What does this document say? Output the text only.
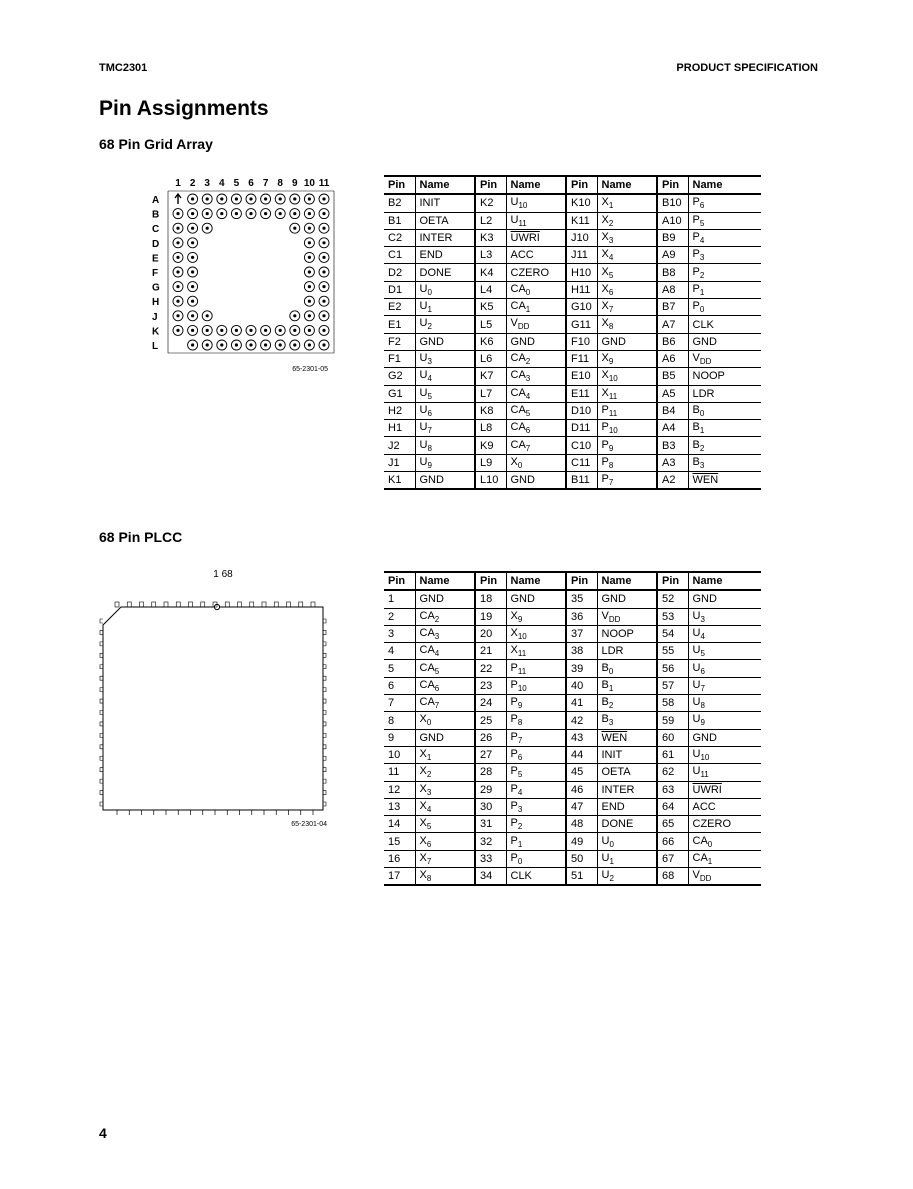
TMC2301	PRODUCT SPECIFICATION
Pin Assignments
68 Pin Grid Array
68 Pin PLCC
4
1 2 3 4 5 6 7 8 9 10 11
A
B
C
D
E
F
G
H
J
K
L
65-2301-05
1 68
65-2301-04
Pin	Name	Pin	Name	Pin	Name	Pin	Name
B2	INIT	K2	$U_{10}$	K10	$X_1$	B10	$P_6$
B1	OETA	L2	$U_{11}$	K11	$X_2$	A10	$P_5$
C2	INTER	K3	UWRI	J10	$X_3$	B9	$P_4$
C1	END	L3	ACC	J11	$X_4$	A9	$P_3$
D2	DONE	K4	CZERO	H10	$X_5$	B8	$P_2$
D1	$U_0$	L4	$CA_0$	H11	$X_6$	A8	$P_1$
E2	$U_1$	K5	$CA_1$	G10	$X_7$	B7	$P_0$
E1	$U_2$	L5	$V_{DD}$	G11	$X_8$	A7	CLK
F2	GND	K6	GND	F10	GND	B6	GND
F1	$U_3$	L6	$CA_2$	F11	$X_9$	A6	$V_{DD}$
G2	$U_4$	K7	$CA_3$	E10	$X_{10}$	B5	NOOP
G1	$U_5$	L7	$CA_4$	E11	$X_{11}$	A5	LDR
H2	$U_6$	K8	$CA_5$	D10	$P_{11}$	B4	$B_0$
H1	$U_7$	L8	$CA_6$	D11	$P_{10}$	A4	$B_1$
J2	$U_8$	K9	$CA_7$	C10	$P_9$	B3	$B_2$
J1	$U_9$	L9	$X_0$	C11	$P_8$	A3	$B_3$
K1	GND	L10	GND	B11	$P_7$	A2	$\overline{WEN}$
Pin	Name	Pin	Name	Pin	Name	Pin	Name
1	GND	18	GND	35	GND	52	GND
2	$CA_2$	19	$X_9$	36	$V_{DD}$	53	$U_3$
3	$CA_3$	20	$X_{10}$	37	NOOP	54	$U_4$
4	$CA_4$	21	$X_{11}$	38	LDR	55	$U_5$
5	$CA_5$	22	$P_{11}$	39	$B_0$	56	$U_6$
6	$CA_6$	23	$P_{10}$	40	$B_1$	57	$U_7$
7	$CA_7$	24	$P_9$	41	$B_2$	58	$U_8$
8	$X_0$	25	$P_8$	42	$B_3$	59	$U_9$
9	GND	26	$P_7$	43	$\overline{WEN}$	60	GND
10	$X_1$	27	$P_6$	44	INIT	61	$U_{10}$
11	$X_2$	28	$P_5$	45	OETA	62	$U_{11}$
12	$X_3$	29	$P_4$	46	INTER	63	UWRI
13	$X_4$	30	$P_3$	47	END	64	ACC
14	$X_5$	31	$P_2$	48	DONE	65	CZERO
15	$X_6$	32	$P_1$	49	$U_0$	66	$CA_0$
16	$X_7$	33	$P_0$	50	$U_1$	67	$CA_1$
17	$X_8$	34	CLK	51	$U_2$	68	$V_{DD}$
